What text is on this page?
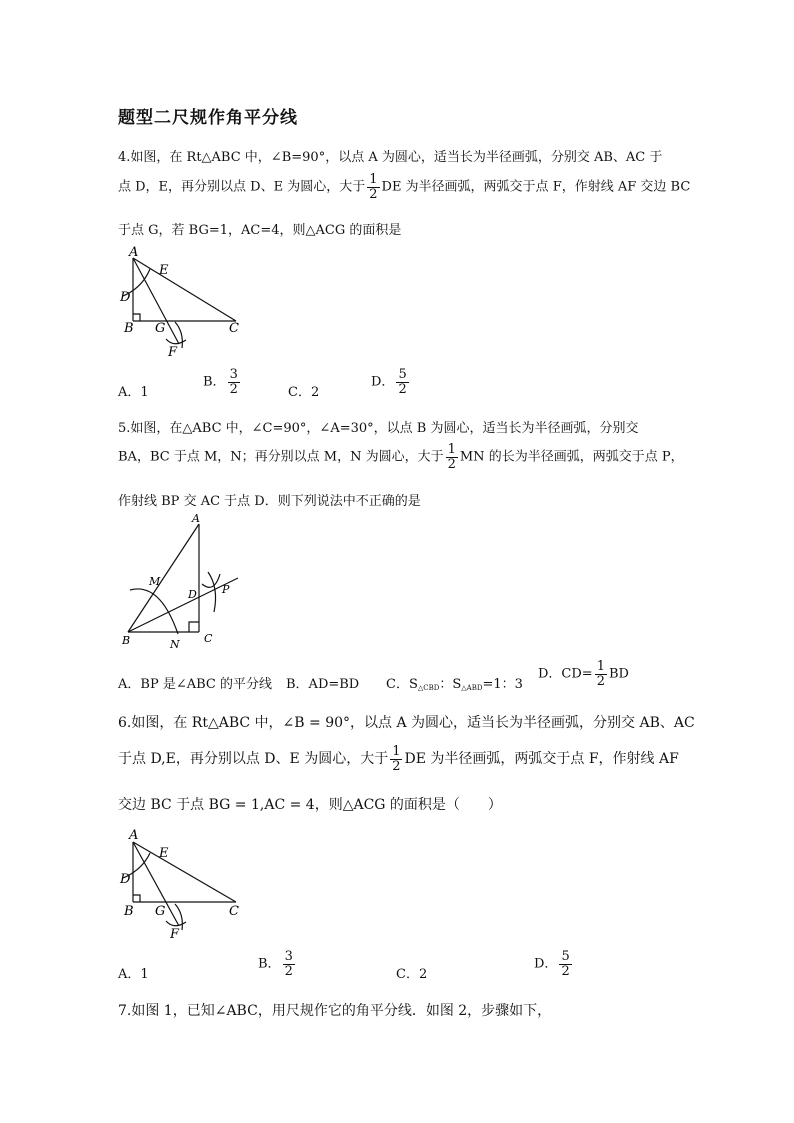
题型二尺规作角平分线
4.如图，在 Rt△ABC 中，∠B=90°，以点 A 为圆心，适当长为半径画弧，分别交 AB、AC 于
点 D，E，再分别以点 D、E 为圆心，大于 $\frac{1}{2}$ DE 为半径画弧，两弧交于点 F，作射线 AF 交边 BC
于点 G，若 BG=1，AC=4，则△ACG 的面积是
A
E
D
B G	C
F
A．1
B． $\frac{3}{2}$	C．2
D． $\frac{5}{2}$
5.如图，在△ABC 中，∠C=90°，∠A=30°，以点 B 为圆心，适当长为半径画弧，分别交
BA，BC 于点 M，N；再分别以点 M，N 为圆心，大于 $\frac{1}{2}$ MN 的长为半径画弧，两弧交于点 P，
作射线 BP 交 AC 于点 D．则下列说法中不正确的是
A
M
D P
B	N C
A．BP 是∠ABC 的平分线 B．AD=BD C．$S_{\triangle CBD}$：$S_{\triangle ABD}=1$：3
D．$CD= \frac{1}{2}$ BD
6.如图，在 Rt△ABC 中，∠B = 90°，以点 A 为圆心，适当长为半径画弧，分别交 AB、AC
于点 D,E，再分别以点 D、E 为圆心，大于 $\frac{1}{2}$ DE 为半径画弧，两弧交于点 F，作射线 AF
交边 BC 于点 BG = 1,AC = 4，则△ACG 的面积是（　　）
A
E
D
B G	C
F
A．1
B． $\frac{3}{2}$	C．2
D． $\frac{5}{2}$
7.如图 1，已知∠ABC，用尺规作它的角平分线．如图 2，步骤如下，
